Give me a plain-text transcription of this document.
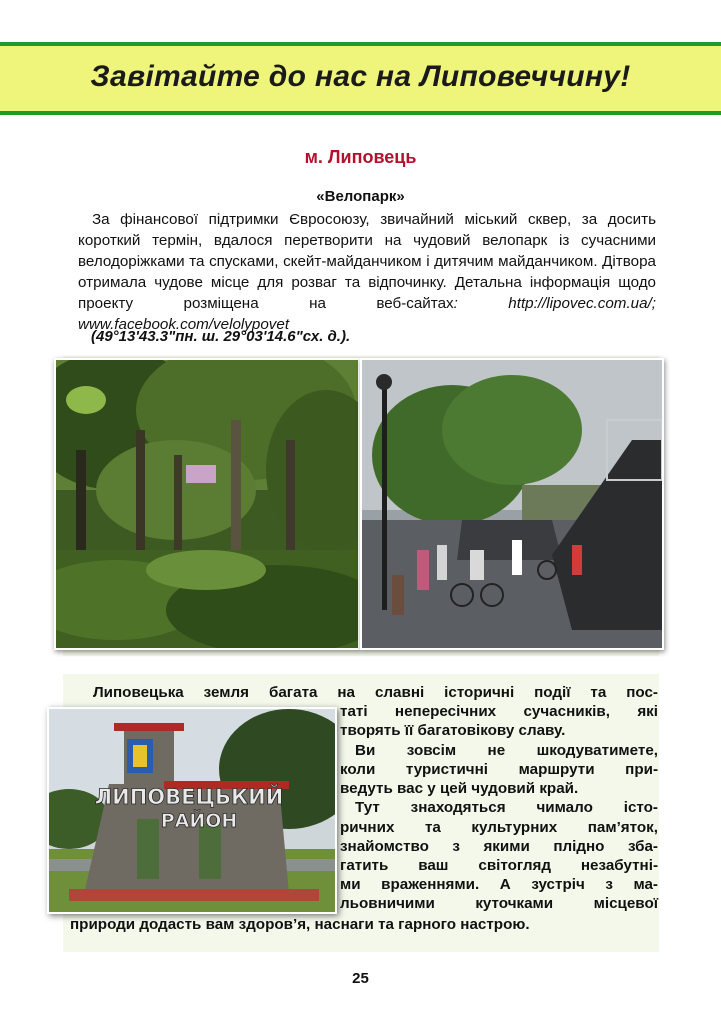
Завітайте до нас на Липовеччину!
м. Липовець
«Велопарк»
За фінансової підтримки Євросоюзу, звичайний міський сквер, за досить короткий термін, вдалося перетворити на чудовий велопарк із сучасними велодоріжками та спусками, скейт-майданчиком і дитячим майданчиком. Дітвора отримала чудове місце для розваг та відпочинку. Детальна інформація щодо проекту розміщена на веб-сайтах: http://lipovec.com.ua/; www.facebook.com/velolypovet
(49°13'43.3"пн. ш. 29°03'14.6"сх. д.).
ЛИПОВЕЦЬКИЙ
РАЙОН
Липовецька земля багата на славні історичні події та пос-
таті непересічних сучасників, які
творять її багатовікову славу.
Ви зовсім не шкодуватимете,
коли туристичні маршрути при-
ведуть вас у цей чудовий край.
Тут знаходяться чимало істо-
ричних та культурних пам’яток,
знайомство з якими плідно зба-
гатить ваш світогляд незабутні-
ми враженнями. А зустріч з ма-
льовничими куточками місцевої
природи додасть вам здоров’я, наснаги та гарного настрою.
25
